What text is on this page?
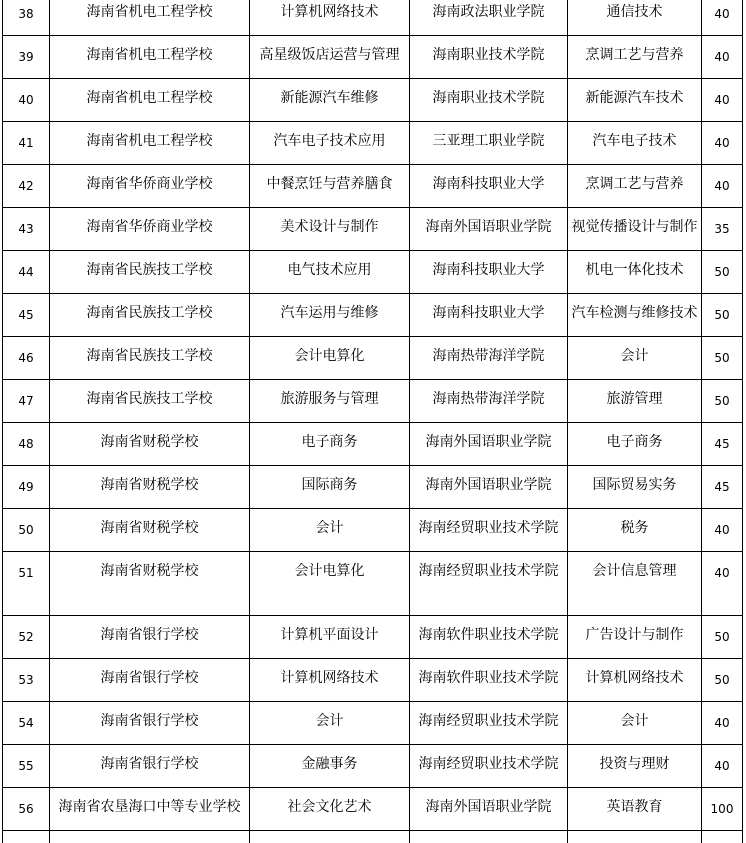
38	海南省机电工程学校	计算机网络技术	海南政法职业学院	通信技术	40

39	海南省机电工程学校	高星级饭店运营与管理	海南职业技术学院	烹调工艺与营养	40

40	海南省机电工程学校	新能源汽车维修	海南职业技术学院	新能源汽车技术	40

41	海南省机电工程学校	汽车电子技术应用	三亚理工职业学院	汽车电子技术	40

42	海南省华侨商业学校	中餐烹饪与营养膳食	海南科技职业大学	烹调工艺与营养	40

43	海南省华侨商业学校	美术设计与制作	海南外国语职业学院	视觉传播设计与制作	35

44	海南省民族技工学校	电气技术应用	海南科技职业大学	机电一体化技术	50

45	海南省民族技工学校	汽车运用与维修	海南科技职业大学	汽车检测与维修技术	50

46	海南省民族技工学校	会计电算化	海南热带海洋学院	会计	50

47	海南省民族技工学校	旅游服务与管理	海南热带海洋学院	旅游管理	50

48	海南省财税学校	电子商务	海南外国语职业学院	电子商务	45

49	海南省财税学校	国际商务	海南外国语职业学院	国际贸易实务	45

50	海南省财税学校	会计	海南经贸职业技术学院	税务	40

51	海南省财税学校	会计电算化	海南经贸职业技术学院	会计信息管理	40

52	海南省银行学校	计算机平面设计	海南软件职业技术学院	广告设计与制作	50

53	海南省银行学校	计算机网络技术	海南软件职业技术学院	计算机网络技术	50

54	海南省银行学校	会计	海南经贸职业技术学院	会计	40

55	海南省银行学校	金融事务	海南经贸职业技术学院	投资与理财	40

56	海南省农垦海口中等专业学校	社会文化艺术	海南外国语职业学院	英语教育	100
